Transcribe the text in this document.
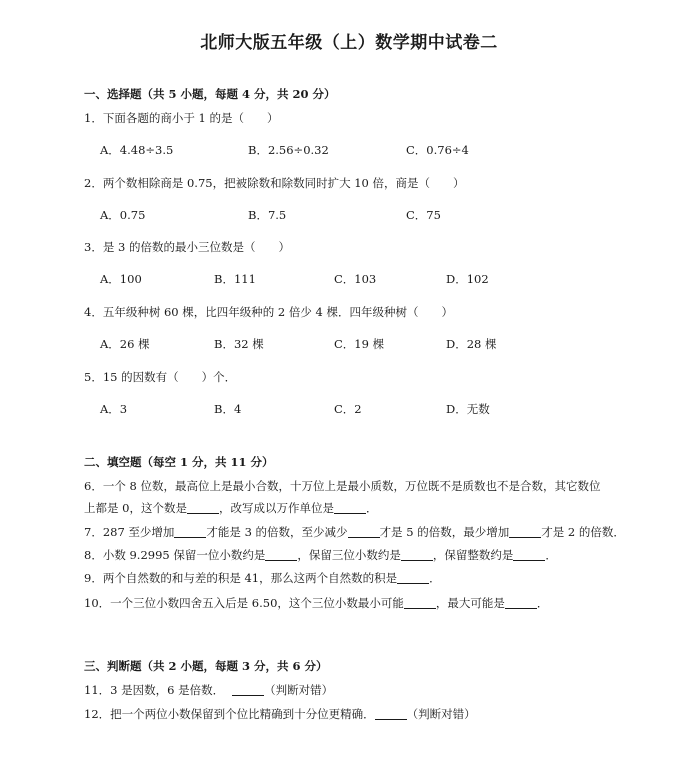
北师大版五年级（上）数学期中试卷二
一、选择题（共 5 小题，每题 4 分，共 20 分）
1．下面各题的商小于 1 的是（　　）
A．4.48÷3.5	B．2.56÷0.32	C．0.76÷4
2．两个数相除商是 0.75，把被除数和除数同时扩大 10 倍，商是（　　）
A．0.75	B．7.5	C．75
3．是 3 的倍数的最小三位数是（　　）
A．100	B．111	C．103	D．102
4．五年级种树 60 棵，比四年级种的 2 倍少 4 棵．四年级种树（　　）
A．26 棵	B．32 棵	C．19 棵	D．28 棵
5．15 的因数有（　　）个．
A．3	B．4	C．2	D．无数
二、填空题（每空 1 分，共 11 分）
6．一个 8 位数，最高位上是最小合数，十万位上是最小质数，万位既不是质数也不是合数，其它数位
上都是 0，这个数是	，改写成以万作单位是	．
7．287 至少增加	才能是 3 的倍数，至少减少	才是 5 的倍数，最少增加	才是 2 的倍数．
8．小数 9.2995 保留一位小数约是	，保留三位小数约是	，保留整数约是	．
9．两个自然数的和与差的积是 41，那么这两个自然数的积是	．
10．一个三位小数四舍五入后是 6.50，这个三位小数最小可能	，最大可能是	．
三、判断题（共 2 小题，每题 3 分，共 6 分）
11．3 是因数，6 是倍数．	（判断对错）
12．把一个两位小数保留到个位比精确到十分位更精确．	（判断对错）
